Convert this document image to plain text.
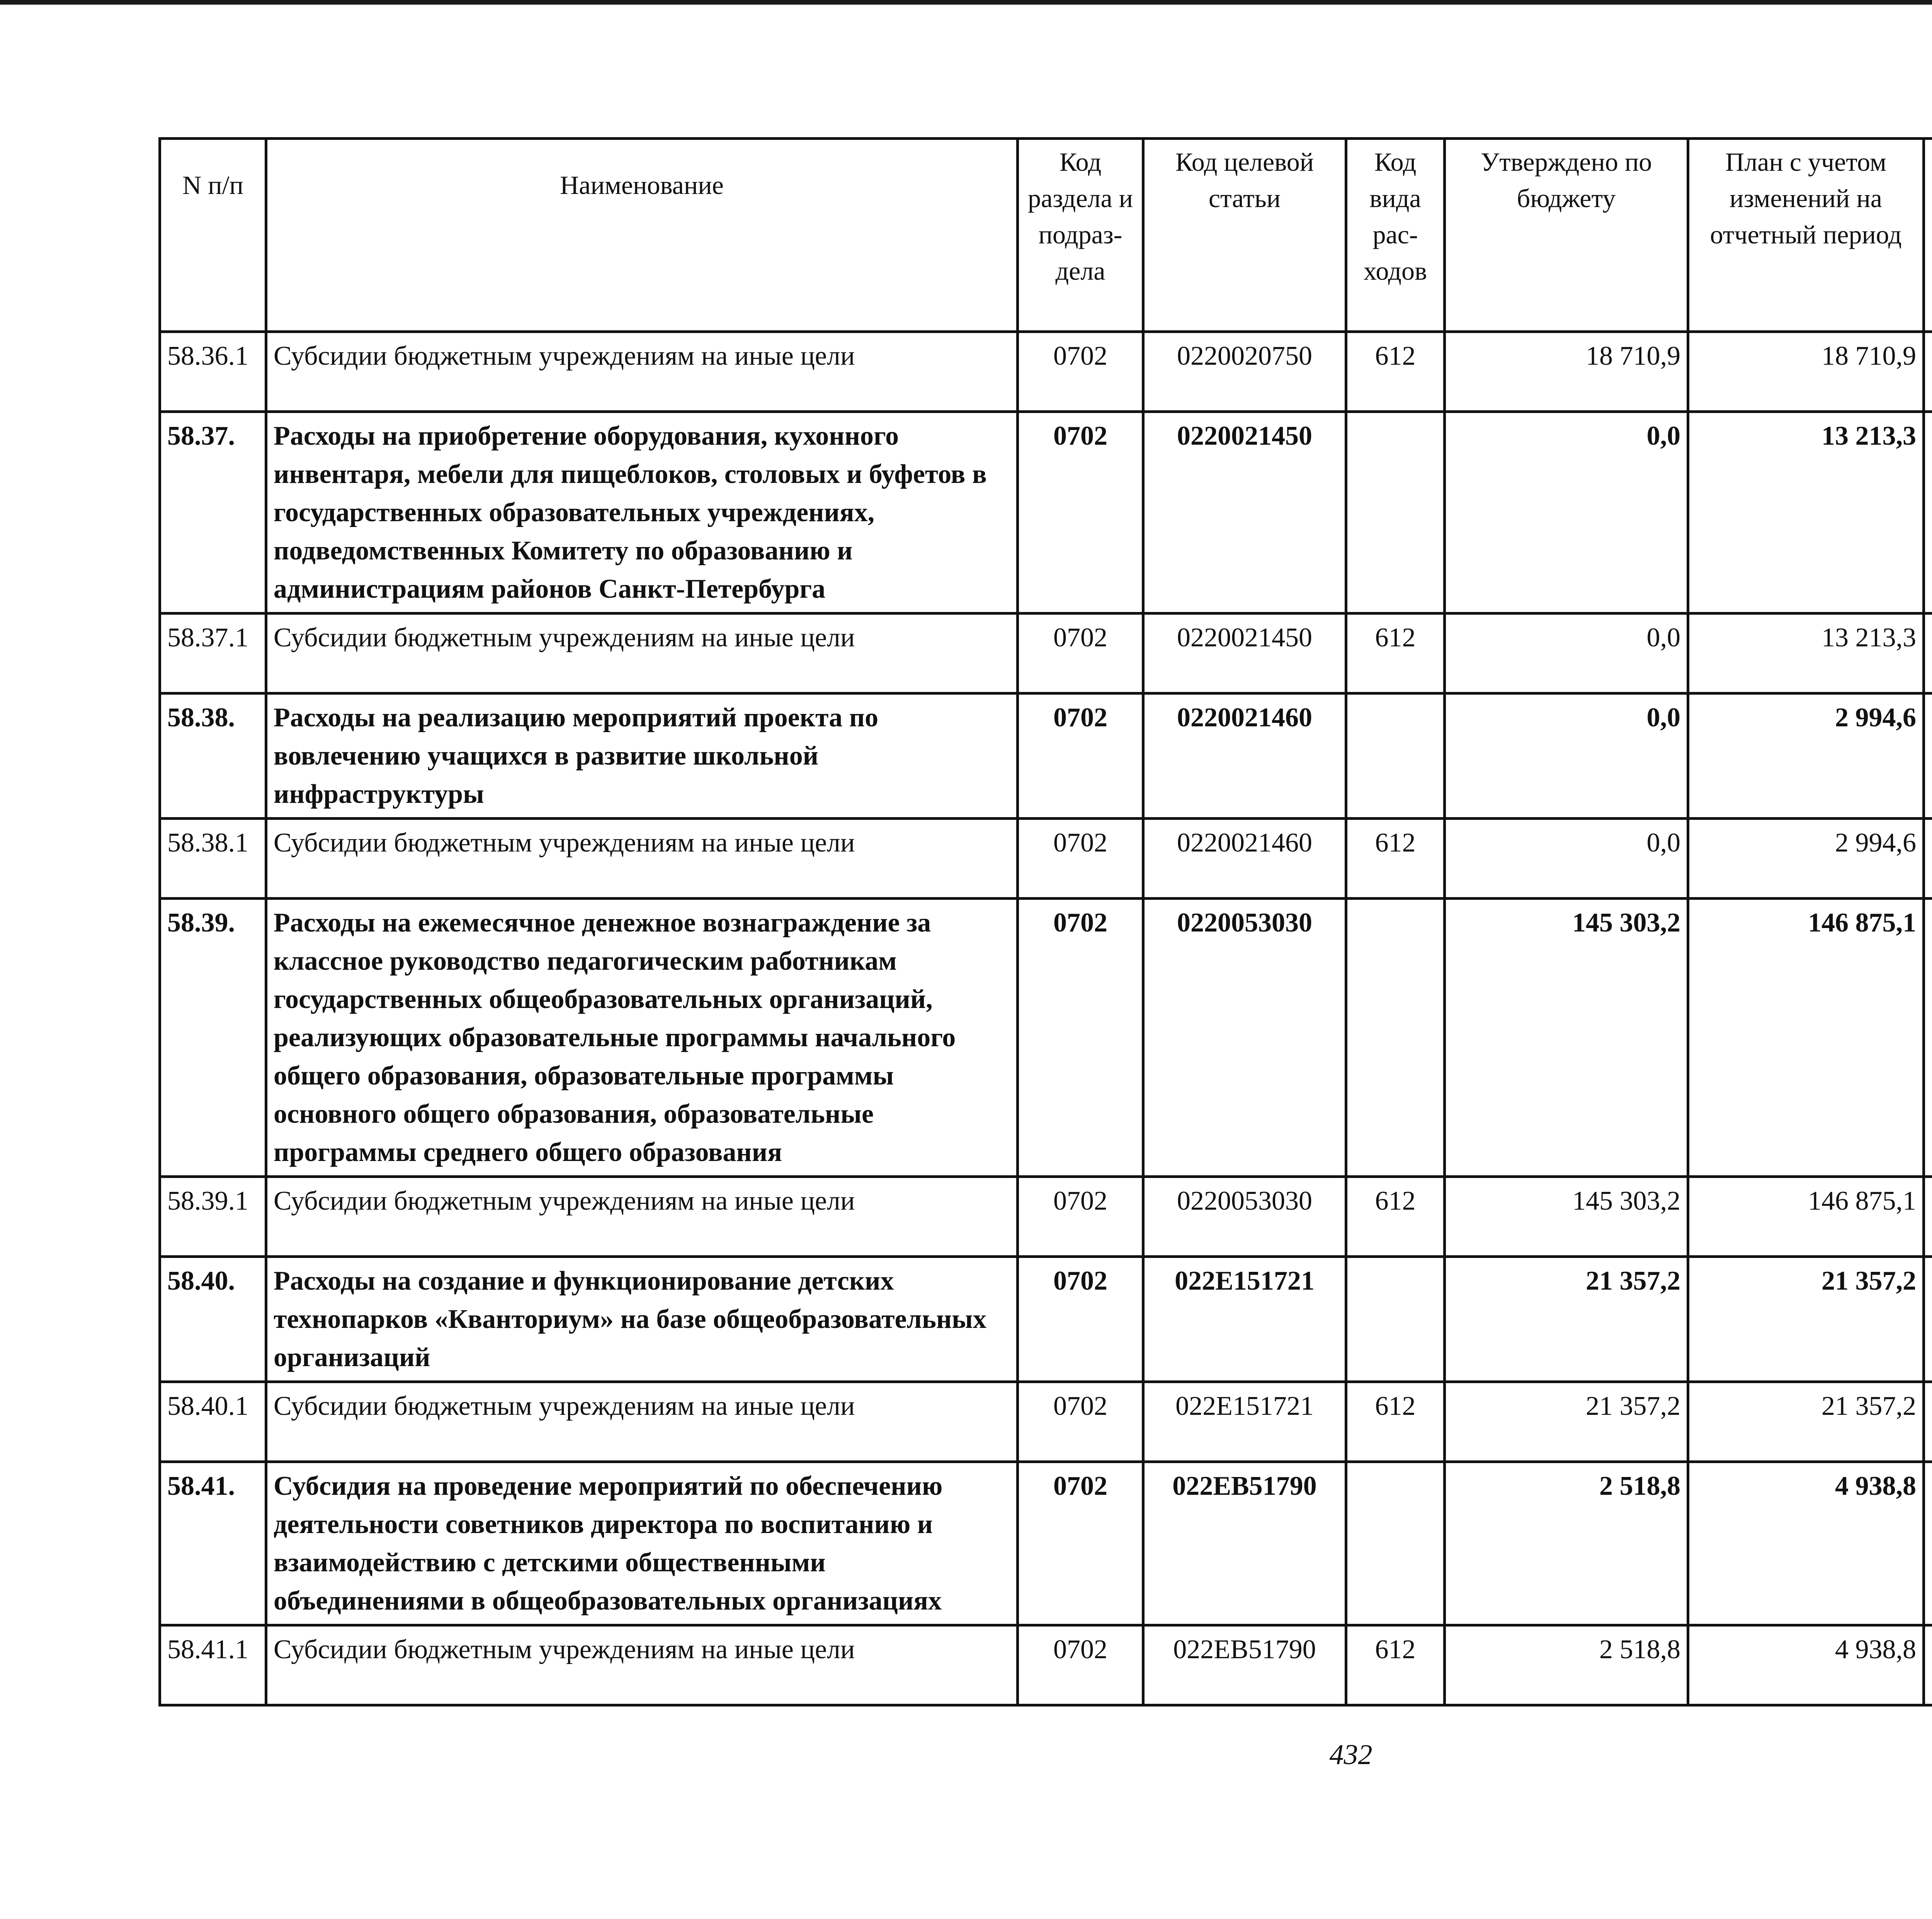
N п/п	Наименование	Код раздела и подраз-дела	Код целевой статьи	Код вида рас-ходов	Утверждено по бюджету	План с учетом изменений на отчетный период		

58.36.1	Субсидии бюджетным учреждениям на иные цели	0702	0220020750	612	18 710,9	18 710,9			
58.37.	Расходы на приобретение оборудования, кухонного инвентаря, мебели для пищеблоков, столовых и буфетов в государственных образовательных учреждениях, подведомственных Комитету по образованию и администрациям районов Санкт-Петербурга	0702	0220021450		0,0	13 213,3			
58.37.1	Субсидии бюджетным учреждениям на иные цели	0702	0220021450	612	0,0	13 213,3			
58.38.	Расходы на реализацию мероприятий проекта по вовлечению учащихся в развитие школьной инфраструктуры	0702	0220021460		0,0	2 994,6			
58.38.1	Субсидии бюджетным учреждениям на иные цели	0702	0220021460	612	0,0	2 994,6			
58.39.	Расходы на ежемесячное денежное вознаграждение за классное руководство педагогическим работникам государственных общеобразовательных организаций, реализующих образовательные программы начального общего образования, образовательные программы основного общего образования, образовательные программы среднего общего образования	0702	0220053030		145 303,2	146 875,1			
58.39.1	Субсидии бюджетным учреждениям на иные цели	0702	0220053030	612	145 303,2	146 875,1			
58.40.	Расходы на создание и функционирование детских технопарков «Кванториум» на базе общеобразовательных организаций	0702	022E151721		21 357,2	21 357,2			
58.40.1	Субсидии бюджетным учреждениям на иные цели	0702	022E151721	612	21 357,2	21 357,2			
58.41.	Субсидия на проведение мероприятий по обеспечению деятельности советников директора по воспитанию и взаимодействию с детскими общественными объединениями в общеобразовательных организациях	0702	022EB51790		2 518,8	4 938,8			
58.41.1	Субсидии бюджетным учреждениям на иные цели	0702	022EB51790	612	2 518,8	4 938,8			
432
